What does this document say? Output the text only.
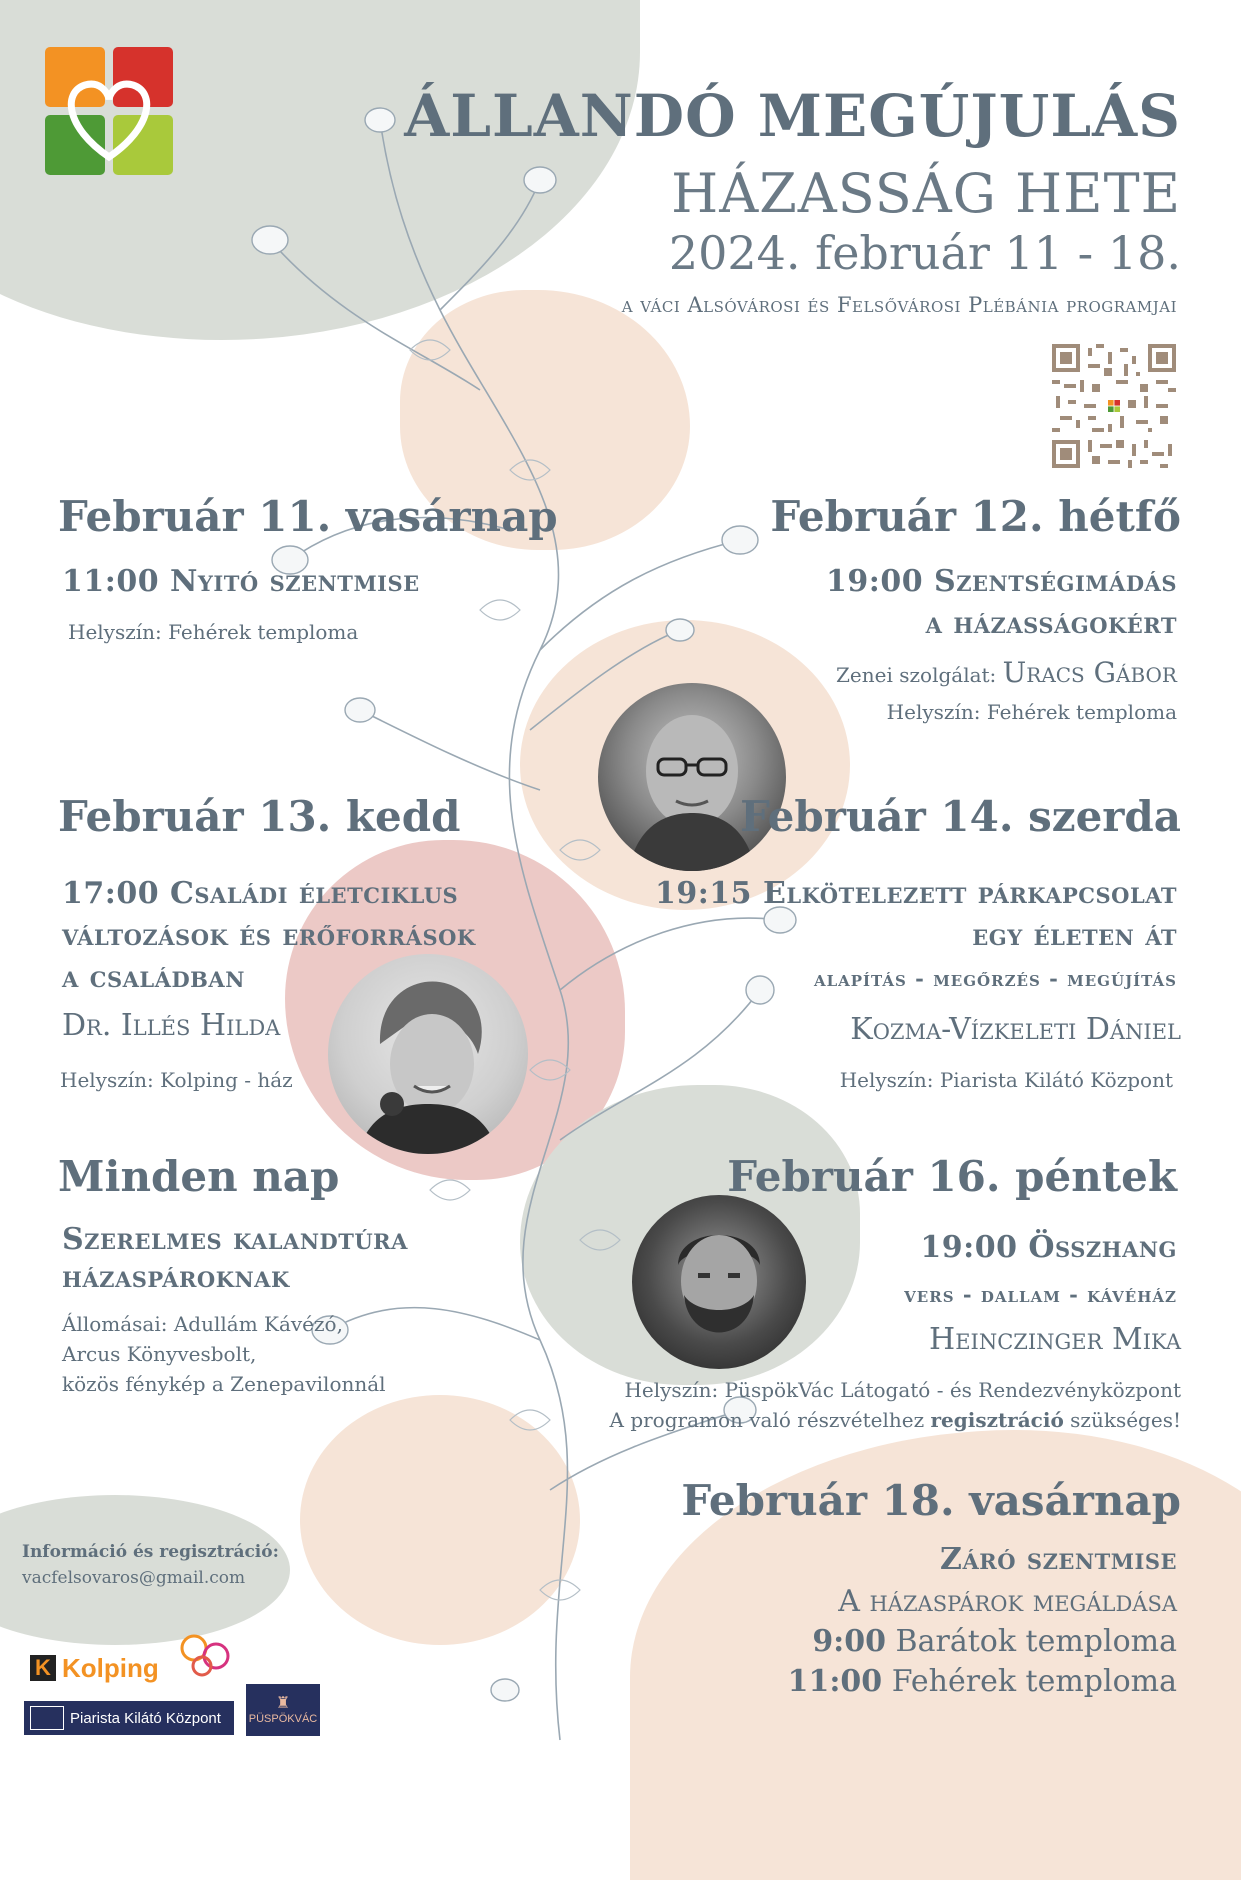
ÁLLANDÓ MEGÚJULÁS
HÁZASSÁG HETE
2024. február 11 - 18.
a váci Alsóvárosi és Felsővárosi Plébánia programjai
Február 11. vasárnap
11:00 Nyitó szentmise
Helyszín: Fehérek temploma
Február 12. hétfő
19:00 Szentségimádás
a házasságokért
Zenei szolgálat: Uracs Gábor
Helyszín: Fehérek temploma
Február 13. kedd
17:00 Családi életciklus
változások és erőforrások
a családban
Dr. Illés Hilda
Helyszín: Kolping - ház
Február 14. szerda
19:15 Elkötelezett párkapcsolat
egy életen át
alapítás - megőrzés - megújítás
Kozma-Vízkeleti Dániel
Helyszín: Piarista Kilátó Központ
Minden nap
Szerelmes kalandtúra
házaspároknak
Állomásai: Adullám Kávézó,
Arcus Könyvesbolt,
közös fénykép a Zenepavilonnál
Február 16. péntek
19:00 Összhang
vers - dallam - kávéház
Heinczinger Mika
Helyszín: PüspökVác Látogató - és Rendezvényközpont
A programon való részvételhez regisztráció szükséges!
Február 18. vasárnap
Záró szentmise
A házaspárok megáldása
9:00 Barátok temploma
11:00 Fehérek temploma
Információ és regisztráció:
vacfelsovaros@gmail.com
K Kolping
Piarista Kilátó Központ
♜
PÜSPÖKVÁC
